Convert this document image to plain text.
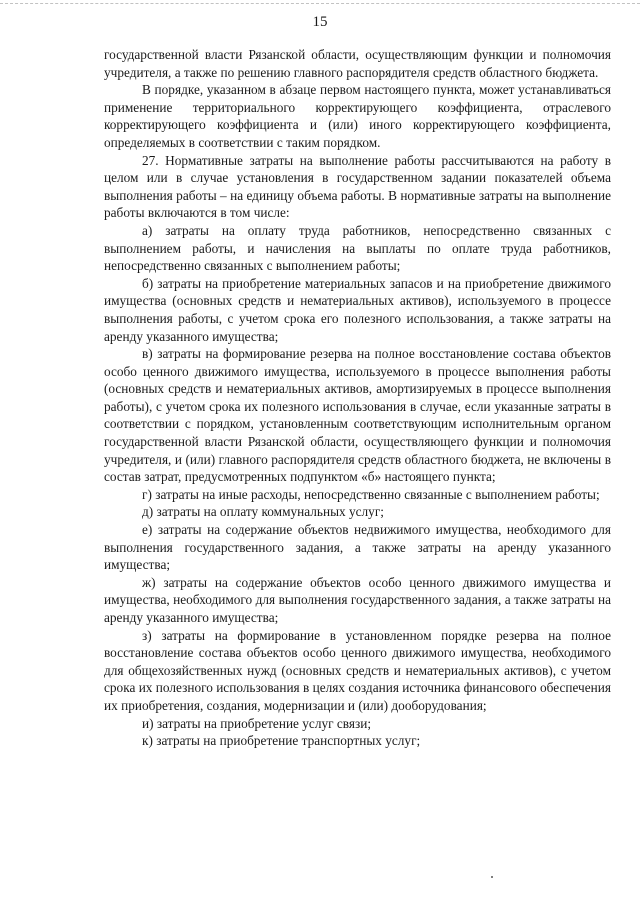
15

государственной власти Рязанской области, осуществляющим функции и полномочия учредителя, а также по решению главного распорядителя средств областного бюджета.

В порядке, указанном в абзаце первом настоящего пункта, может устанавливаться применение территориального корректирующего коэффициента, отраслевого корректирующего коэффициента и (или) иного корректирующего коэффициента, определяемых в соответствии с таким порядком.

27. Нормативные затраты на выполнение работы рассчитываются на работу в целом или в случае установления в государственном задании показателей объема выполнения работы – на единицу объема работы. В нормативные затраты на выполнение работы включаются в том числе:

а) затраты на оплату труда работников, непосредственно связанных с выполнением работы, и начисления на выплаты по оплате труда работников, непосредственно связанных с выполнением работы;

б) затраты на приобретение материальных запасов и на приобретение движимого имущества (основных средств и нематериальных активов), используемого в процессе выполнения работы, с учетом срока его полезного использования, а также затраты на аренду указанного имущества;

в) затраты на формирование резерва на полное восстановление состава объектов особо ценного движимого имущества, используемого в процессе выполнения работы (основных средств и нематериальных активов, амортизируемых в процессе выполнения работы), с учетом срока их полезного использования в случае, если указанные затраты в соответствии с порядком, установленным соответствующим исполнительным органом государственной власти Рязанской области, осуществляющего функции и полномочия учредителя, и (или) главного распорядителя средств областного бюджета, не включены в состав затрат, предусмотренных подпунктом «б» настоящего пункта;

г) затраты на иные расходы, непосредственно связанные с выполнением работы;

д) затраты на оплату коммунальных услуг;

е) затраты на содержание объектов недвижимого имущества, необходимого для выполнения государственного задания, а также затраты на аренду указанного имущества;

ж) затраты на содержание объектов особо ценного движимого имущества и имущества, необходимого для выполнения государственного задания, а также затраты на аренду указанного имущества;

з) затраты на формирование в установленном порядке резерва на полное восстановление состава объектов особо ценного движимого имущества, необходимого для общехозяйственных нужд (основных средств и нематериальных активов), с учетом срока их полезного использования в целях создания источника финансового обеспечения их приобретения, создания, модернизации и (или) дооборудования;

и) затраты на приобретение услуг связи;

к) затраты на приобретение транспортных услуг;
